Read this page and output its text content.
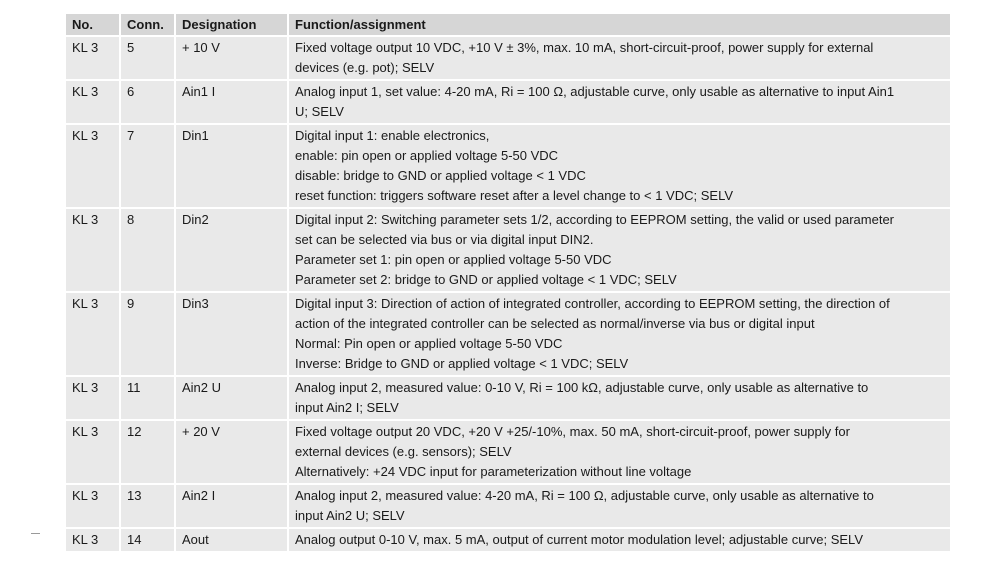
No.	Conn.	Designation	Function/assignment
KL 3	5	+ 10 V	Fixed voltage output 10 VDC, +10 V ± 3%, max. 10 mA, short-circuit-proof, power supply for external
devices (e.g. pot); SELV

KL 3	6	Ain1 I	Analog input 1, set value: 4-20 mA, Ri = 100 Ω, adjustable curve, only usable as alternative to input Ain1
U; SELV

KL 3	7	Din1	Digital input 1: enable electronics,
enable: pin open or applied voltage 5-50 VDC
disable: bridge to GND or applied voltage < 1 VDC
reset function: triggers software reset after a level change to < 1 VDC; SELV

KL 3	8	Din2	Digital input 2: Switching parameter sets 1/2, according to EEPROM setting, the valid or used parameter
set can be selected via bus or via digital input DIN2.
Parameter set 1: pin open or applied voltage 5-50 VDC
Parameter set 2: bridge to GND or applied voltage < 1 VDC; SELV

KL 3	9	Din3	Digital input 3: Direction of action of integrated controller, according to EEPROM setting, the direction of
action of the integrated controller can be selected as normal/inverse via bus or digital input
Normal: Pin open or applied voltage 5-50 VDC
Inverse: Bridge to GND or applied voltage < 1 VDC; SELV

KL 3	11	Ain2 U	Analog input 2, measured value: 0-10 V, Ri = 100 kΩ, adjustable curve, only usable as alternative to
input Ain2 I; SELV

KL 3	12	+ 20 V	Fixed voltage output 20 VDC, +20 V +25/-10%, max. 50 mA, short-circuit-proof, power supply for
external devices (e.g. sensors); SELV
Alternatively: +24 VDC input for parameterization without line voltage

KL 3	13	Ain2 I	Analog input 2, measured value: 4-20 mA, Ri = 100 Ω, adjustable curve, only usable as alternative to
input Ain2 U; SELV

KL 3	14	Aout	Analog output 0-10 V, max. 5 mA, output of current motor modulation level; adjustable curve; SELV
